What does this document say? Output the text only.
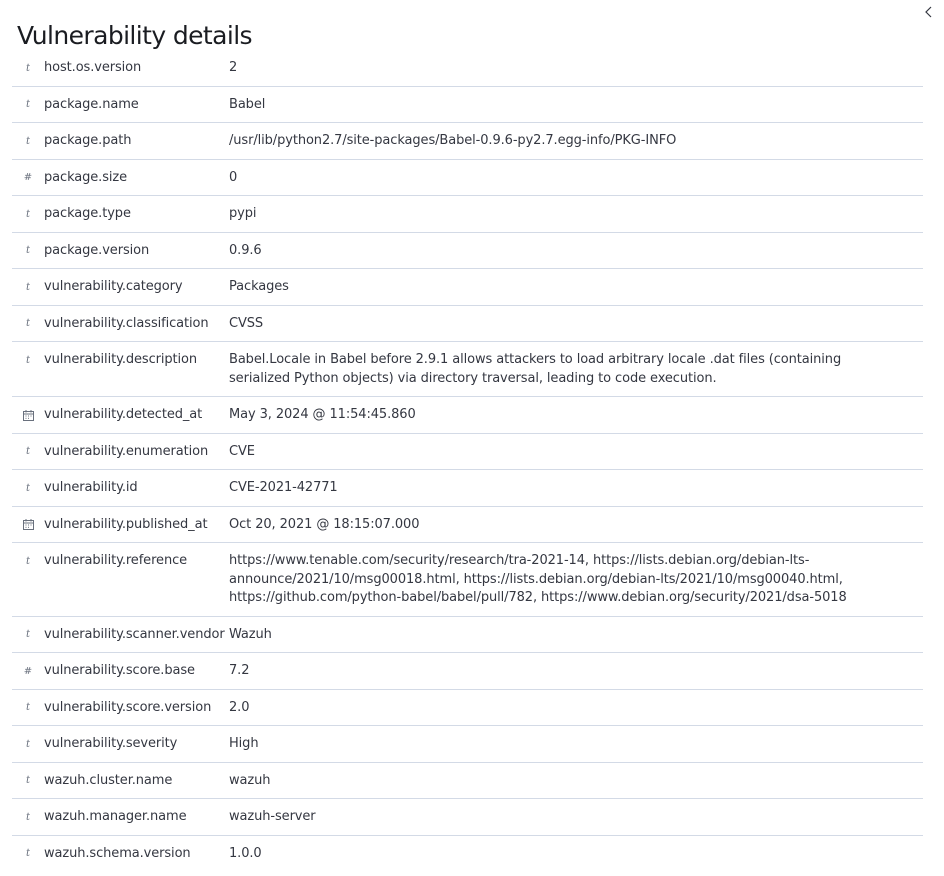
Vulnerability details
t	host.os.version	2
t	package.name	Babel
t	package.path	/usr/lib/python2.7/site-packages/Babel-0.9.6-py2.7.egg-info/PKG-INFO
# package.size	0
t	package.type	pypi
t	package.version	0.9.6
t	vulnerability.category	Packages
t	vulnerability.classification	CVSS
t	vulnerability.description	Babel.Locale in Babel before 2.9.1 allows attackers to load arbitrary locale .dat files (containing serialized Python objects) via directory traversal, leading to code execution.
vulnerability.detected_at	May 3, 2024 @ 11:54:45.860
t	vulnerability.enumeration	CVE
t	vulnerability.id	CVE-2021-42771
vulnerability.published_at	Oct 20, 2021 @ 18:15:07.000
t	vulnerability.reference	https://www.tenable.com/security/research/tra-2021-14, https://lists.debian.org/debian-lts-announce/2021/10/msg00018.html, https://lists.debian.org/debian-lts/2021/10/msg00040.html, https://github.com/python-babel/babel/pull/782, https://www.debian.org/security/2021/dsa-5018
t	vulnerability.scanner.vendor Wazuh
# vulnerability.score.base	7.2
t	vulnerability.score.version	2.0
t	vulnerability.severity	High
t	wazuh.cluster.name	wazuh
t	wazuh.manager.name	wazuh-server
t	wazuh.schema.version	1.0.0
